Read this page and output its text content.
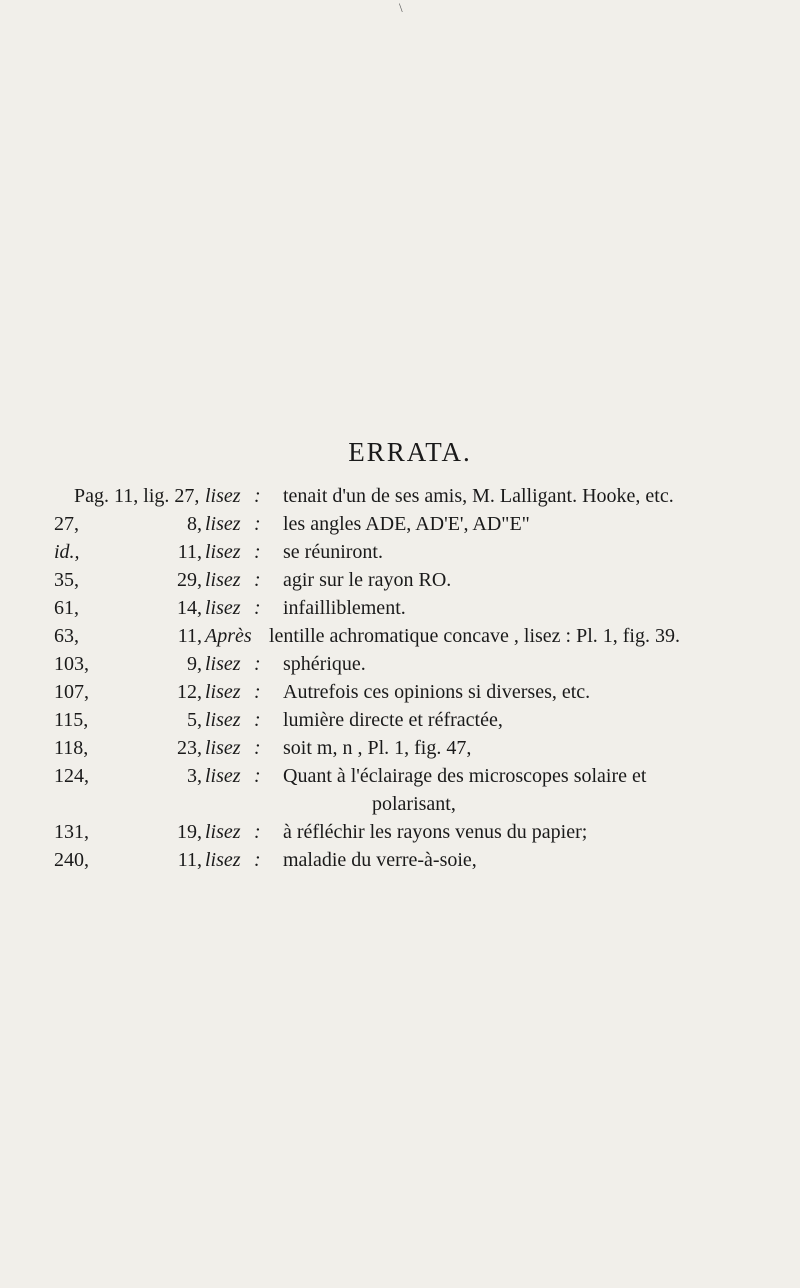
\
ERRATA.
Pag. 11, lig. 27, lisez : tenait d'un de ses amis, M. Lalligant. Hooke, etc.
27,	8, lisez : les angles ADE, AD'E', AD"E"
id.,	11, lisez : se réuniront.
35,	29, lisez : agir sur le rayon RO.
61,	14, lisez : infailliblement.
63,	11, Après lentille achromatique concave , lisez : Pl. 1, fig. 39.
103,	9, lisez : sphérique.
107,	12, lisez : Autrefois ces opinions si diverses, etc.
115,	5, lisez : lumière directe et réfractée,
118,	23, lisez : soit m, n , Pl. 1, fig. 47,
124,	3, lisez : Quant à l'éclairage des microscopes solaire et
polarisant,
131,	19, lisez : à réfléchir les rayons venus du papier;
240,	11, lisez : maladie du verre-à-soie,
